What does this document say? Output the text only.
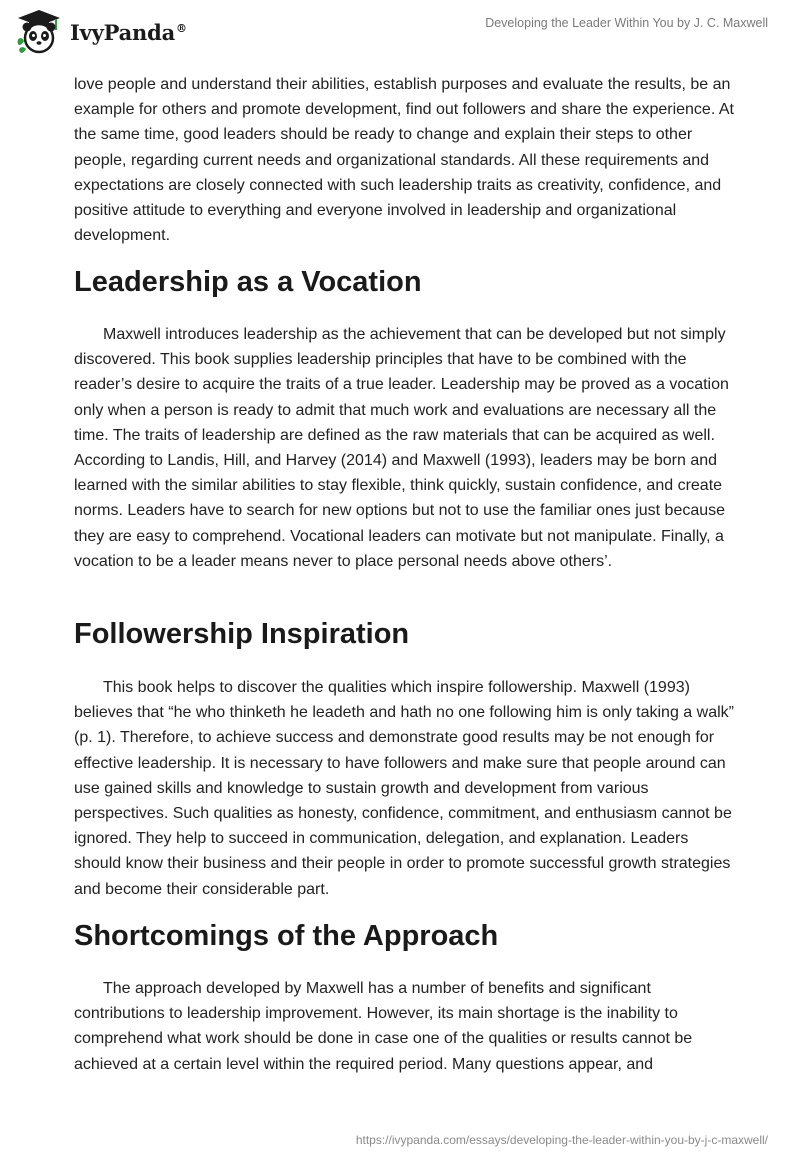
IvyPanda®	Developing the Leader Within You by J. C. Maxwell

love people and understand their abilities, establish purposes and evaluate the results, be an example for others and promote development, find out followers and share the experience. At the same time, good leaders should be ready to change and explain their steps to other people, regarding current needs and organizational standards. All these requirements and expectations are closely connected with such leadership traits as creativity, confidence, and positive attitude to everything and everyone involved in leadership and organizational development.

Leadership as a Vocation

Maxwell introduces leadership as the achievement that can be developed but not simply discovered. This book supplies leadership principles that have to be combined with the reader’s desire to acquire the traits of a true leader. Leadership may be proved as a vocation only when a person is ready to admit that much work and evaluations are necessary all the time. The traits of leadership are defined as the raw materials that can be acquired as well. According to Landis, Hill, and Harvey (2014) and Maxwell (1993), leaders may be born and learned with the similar abilities to stay flexible, think quickly, sustain confidence, and create norms. Leaders have to search for new options but not to use the familiar ones just because they are easy to comprehend. Vocational leaders can motivate but not manipulate. Finally, a vocation to be a leader means never to place personal needs above others’.

Followership Inspiration

This book helps to discover the qualities which inspire followership. Maxwell (1993) believes that “he who thinketh he leadeth and hath no one following him is only taking a walk” (p. 1). Therefore, to achieve success and demonstrate good results may be not enough for effective leadership. It is necessary to have followers and make sure that people around can use gained skills and knowledge to sustain growth and development from various perspectives. Such qualities as honesty, confidence, commitment, and enthusiasm cannot be ignored. They help to succeed in communication, delegation, and explanation. Leaders should know their business and their people in order to promote successful growth strategies and become their considerable part.

Shortcomings of the Approach

The approach developed by Maxwell has a number of benefits and significant contributions to leadership improvement. However, its main shortage is the inability to comprehend what work should be done in case one of the qualities or results cannot be achieved at a certain level within the required period. Many questions appear, and

https://ivypanda.com/essays/developing-the-leader-within-you-by-j-c-maxwell/
